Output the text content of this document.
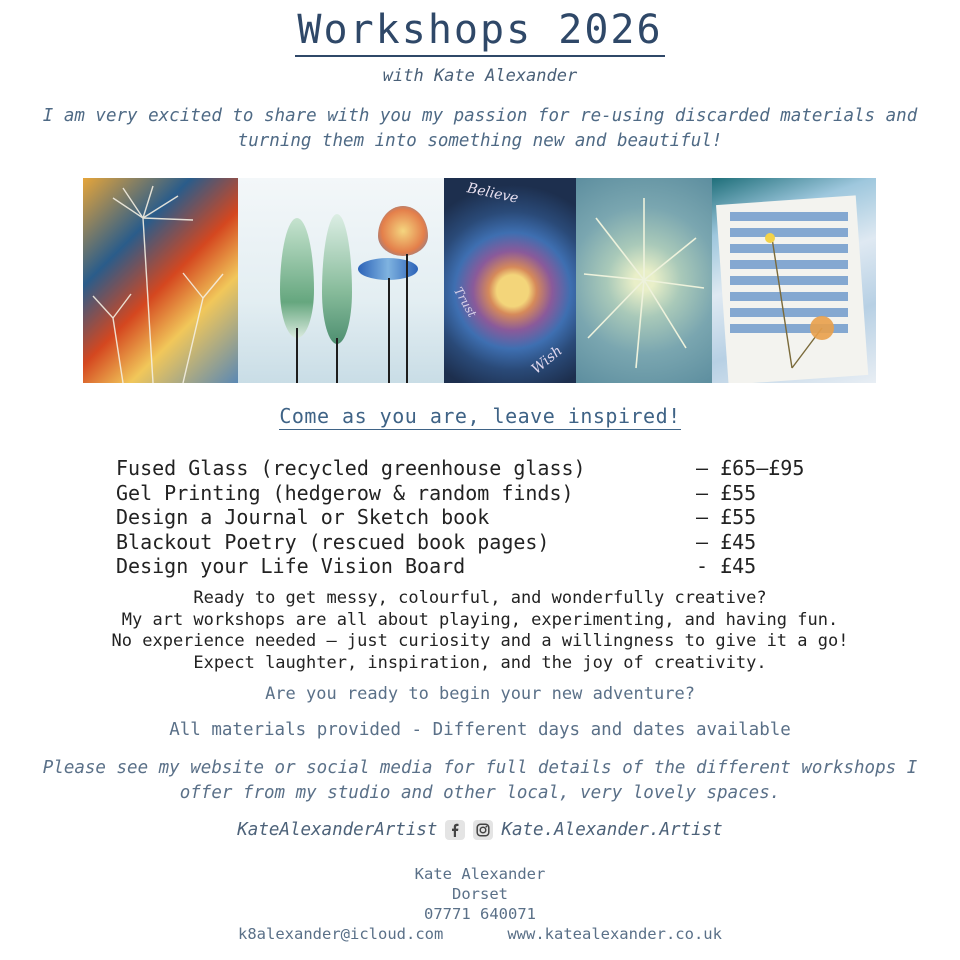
Workshops 2026
with Kate Alexander
I am very excited to share with you my passion for re-using discarded materials and turning them into something new and beautiful!
Believe
Trust
Wish
Come as you are, leave inspired!
Fused Glass (recycled greenhouse glass)	– £65–£95
Gel Printing (hedgerow & random finds)	– £55
Design a Journal or Sketch book	– £55
Blackout Poetry (rescued book pages)	– £45
Design your Life Vision Board	- £45
Ready to get messy, colourful, and wonderfully creative?
My art workshops are all about playing, experimenting, and having fun.
No experience needed — just curiosity and a willingness to give it a go!
Expect laughter, inspiration, and the joy of creativity.
Are you ready to begin your new adventure?
All materials provided - Different days and dates available
Please see my website or social media for full details of the different workshops I offer from my studio and other local, very lovely spaces.
KateAlexanderArtist	Kate.Alexander.Artist
Kate Alexander
Dorset
07771 640071
k8alexander@icloud.com	www.katealexander.co.uk
